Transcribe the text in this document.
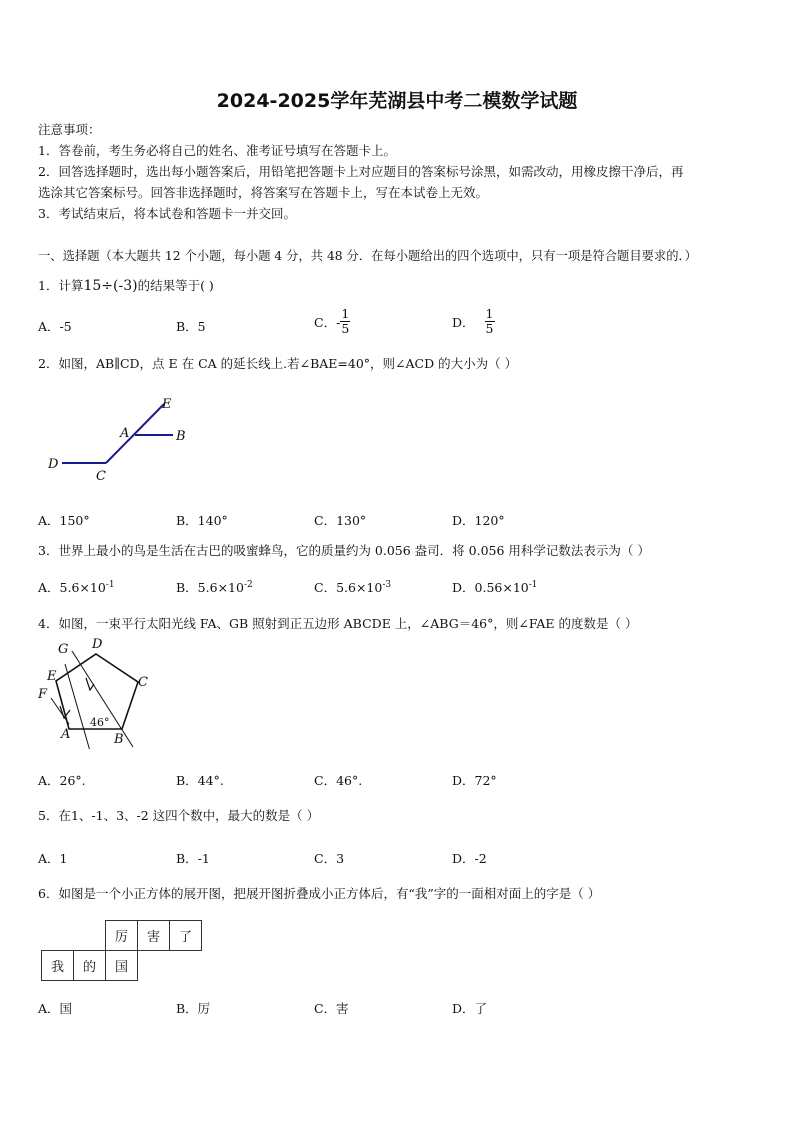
2024-2025学年芜湖县中考二模数学试题
注意事项：
1．答卷前，考生务必将自己的姓名、准考证号填写在答题卡上。
2．回答选择题时，选出每小题答案后，用铅笔把答题卡上对应题目的答案标号涂黑，如需改动，用橡皮擦干净后，再
选涂其它答案标号。回答非选择题时，将答案写在答题卡上，写在本试卷上无效。
3．考试结束后，将本试卷和答题卡一并交回。
一、选择题（本大题共 12 个小题，每小题 4 分，共 48 分．在每小题给出的四个选项中，只有一项是符合题目要求的．）
1．计算15÷(-3)的结果等于( )
A．-5	B．5	C．- $\frac{1}{5}$	D． $\frac{1}{5}$
2．如图，AB∥CD，点 E 在 CA 的延长线上.若∠BAE=40°，则∠ACD 的大小为（ ）
E
A	B
D
C
A．150°	B．140°	C．130°	D．120°
3．世界上最小的鸟是生活在古巴的吸蜜蜂鸟，它的质量约为 0.056 盎司．将 0.056 用科学记数法表示为（ ）
A．$5.6\times 10^{-1}$	B．$5.6\times 10^{-2}$	C．$5.6\times 10^{-3}$	D．$0.56\times 10^{-1}$
4．如图，一束平行太阳光线 FA、GB 照射到正五边形 ABCDE 上，∠ABG＝46°，则∠FAE 的度数是（ ）
G D
C
E
F
A	B
46°
A．26°.	B．44°.	C．46°.	D．72°
5．在1、-1、3、-2 这四个数中，最大的数是（ ）
A．1	B．-1	C．3	D．-2
6．如图是一个小正方体的展开图，把展开图折叠成小正方体后，有“我”字的一面相对面上的字是（ ）
		厉	害	了
我	的	国		
A．国	B．厉	C．害	D．了
